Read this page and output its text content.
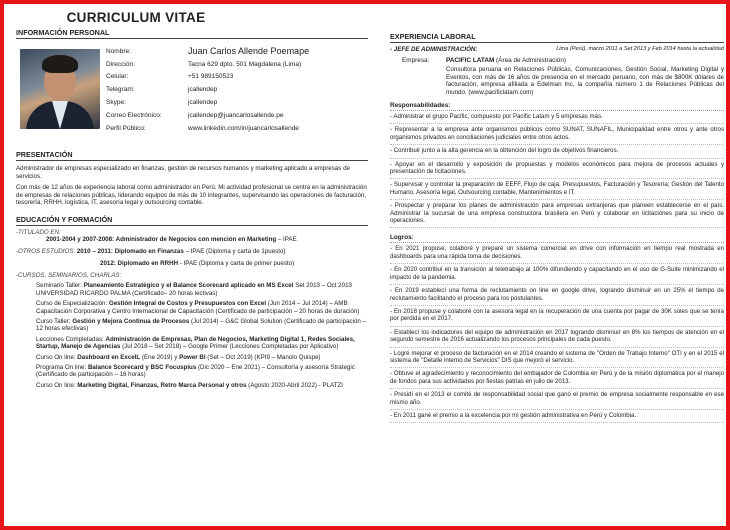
CURRICULUM VITAE
INFORMACIÓN PERSONAL
Nombre:	Juan Carlos Allende Poemape
Dirección:	Tacna 629 dpto. 501 Magdalena (Lima)
Celular:	+51 989150523
Telegram:	jcallendep
Skype:	jcallendep
Correo Electrónico:	jcallendep@juancarlosallende.pe
Perfil Público:	www.linkedin.com/in/juancarlosallende
PRESENTACIÓN
Administrador de empresas especializado en finanzas, gestión de recursos humanos y marketing aplicado a empresas de servicios.
Con más de 12 años de experiencia laboral como administrador en Perú. Mi actividad profesional se centra en la administración de empresas de relaciones públicas, liderando equipos de más de 10 integrantes, supervisando las operaciones de facturación, tesorería, RRHH, logística, IT, asesoría legal y outsourcing contable.
EDUCACIÓN Y FORMACIÓN
-TITULADO EN:
2001-2004 y 2007-2008: Administrador de Negocios con mención en Marketing – IPAE
-OTROS ESTUDIOS: 2010 – 2011: Diplomado en Finanzas – IPAE (Diploma y carta de 1puesto)
2012: Diplomado en RRHH - IPAE (Diploma y carta de primer puesto)
-CURSOS, SEMINARIOS, CHARLAS:
Seminario Taller: Planeamiento Estratégico y el Balance Scorecard aplicado en MS Excel Set 2013 – Oct 2013 UNIVERSIDAD RICARDO PALMA (Certificado– 20 horas lectivas)
Curso de Especialización: Gestión Integral de Costos y Presupuestos con Excel (Jun 2014 – Jul 2014) – AMB Capacitación Corporativa y Centro Internacional de Capacitación (Certificado de participación – 20 horas de duración)
Curso Taller: Gestión y Mejora Continua de Procesos (Jul 2014) – G&C Global Solution (Certificado de participación – 12 horas efectivas)
Lecciones Completadas: Administración de Empresas, Plan de Negocios, Marketing Digital 1, Redes Sociales, Startup, Manejo de Agencias (Jul 2018 – Set 2018) – Google Primer (Lecciones Completadas por Aplicativo)
Curso On line: Dashboard en ExcelL (Ene 2019) y Power BI (Set – Oct 2019) (KPI9 – Manolo Quispe)
Programa On line: Balance Scorecard y BSC Focuspius (Dic 2020 – Ene 2021) – Consultoría y asesoría Strategic (Certificado de participación – 16 horas)
Curso On line: Marketing Digital, Finanzas, Retro Marca Personal y otros (Agosto 2020-Abril 2022) - PLATZI
EXPERIENCIA LABORAL
- JEFE DE ADMINISTRACIÓN:	Lima (Perú), marzo 2011 a Set 2013 y Feb 2014 hasta la actualidad
Empresa:	PACIFIC LATAM (Área de Administración)
Consultora peruana en Relaciones Públicas, Comunicaciones, Gestión Social, Marketing Digital y Eventos, con más de 16 años de presencia en el mercado peruano, con más de $800K dólares de facturación, empresa afiliada a Edelman Inc, la compañía número 1 de Relaciones Públicas del mundo. (www.pacificlatam.com)
Responsabilidades:
- Administrar el grupo Pacific, compuesto por Pacific Latam y 5 empresas más.
- Representar a la empresa ante organismos públicos como SUNAT, SUNAFIL, Municipalidad entre otros y ante otros organismos privados en conciliaciones judiciales entre otros actos.
- Contribuir junto a la alta gerencia en la obtención del logro de objetivos financieros.
- Apoyar en el desarrollo y exposición de propuestas y modelos económicos para mejora de procesos actuales y presentación de licitaciones.
- Supervisar y controlar la preparación de EEFF, Flujo de caja, Presupuestos, Facturación y Tesorería; Gestión del Talento Humano, Asesoría legal, Outsourcing contable, Mantenimientos e IT.
- Prospectar y preparar los planes de administración para empresas extranjeras que planeen establecerse en el país. Administrar la sucursal de una empresa constructora brasilera en Perú y colaborar en licitaciones para su inicio de operaciones.
Logros:
- En 2021 propuse, colaboré y preparé un sistema comercial en drive con información en tiempo real mostrada en dashboards para una rápida toma de decisiones.
- En 2020 contribuí en la transición al teletrabajo al 100% difundiendo y capacitando en el uso de G-Suite minimizando el impacto de la pandemia.
- En 2019 establecí una forma de reclutamiento on line en google drive, logrando disminuir en un 25% el tiempo de reclutamiento facilitando el proceso para los postulantes.
- En 2018 propuse y colaboré con la asesora legal en la recuperación de una cuenta por pagar de 30K soles que se tenía por perdida en el 2017.
- Establecí los indicadores del equipo de administración en 2017 logrando disminuir en 8% los tiempos de atención en el segundo semestre de 2016 actualizando los procesos principales de cada puesto.
- Logré mejorar el proceso de facturación en el 2014 creando el sistema de "Orden de Trabajo Interno" OTI y en el 2015 el sistema de "Detalle interno de Servicios" DIS que mejoró el servicio.
- Obtuve el agradecimiento y reconocimiento del embajador de Colombia en Perú y de la misión diplomática por el manejo de fondos para sus actividades por fiestas patrias en julio de 2013.
- Presidí en el 2013 el comité de responsabilidad social que ganó el premio de empresa socialmente responsable en ese mismo año.
- En 2011 gané el premio a la excelencia por mi gestión administrativa en Perú y Colombia.
